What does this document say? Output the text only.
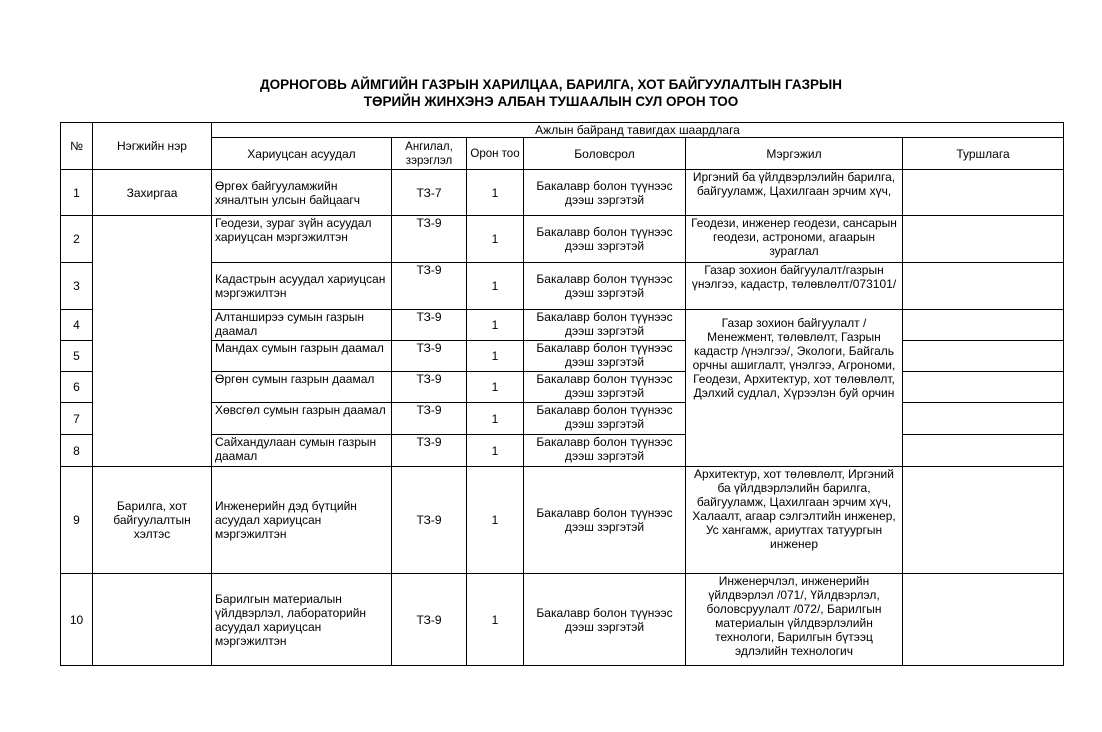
ДОРНОГОВЬ АЙМГИЙН ГАЗРЫН ХАРИЛЦАА, БАРИЛГА, ХОТ БАЙГУУЛАЛТЫН ГАЗРЫН
ТӨРИЙН ЖИНХЭНЭ АЛБАН ТУШААЛЫН СУЛ ОРОН ТОО
№	Нэгжийн нэр	Ажлын байранд тавигдах шаардлага					
		Хариуцсан асуудал	Ангилал, зэрэглэл	Орон тоо	Боловсрол	Мэргэжил	Туршлага
1	Захиргаа	Өргөх байгууламжийн хяналтын улсын байцаагч	ТЗ-7	1	Бакалавр болон түүнээс дээш зэргэтэй	Иргэний ба үйлдвэрлэлийн барилга, байгууламж, Цахилгаан эрчим хүч,	
2		Геодези, зураг зүйн асуудал хариуцсан мэргэжилтэн	ТЗ-9	1	Бакалавр болон түүнээс дээш зэргэтэй	Геодези, инженер геодези, сансарын геодези, астрономи, агаарын зураглал	
3		Кадастрын асуудал хариуцсан мэргэжилтэн	ТЗ-9	1	Бакалавр болон түүнээс дээш зэргэтэй	Газар зохион байгуулалт/газрын үнэлгээ, кадастр, төлөвлөлт/073101/	
4		Алтанширээ сумын газрын даамал	ТЗ-9	1	Бакалавр болон түүнээс дээш зэргэтэй	Газар зохион байгуулалт /Менежмент, төлөвлөлт, Газрын кадастр /үнэлгээ/, Экологи, Байгаль орчны ашиглалт, үнэлгээ, Агрономи, Геодези, Архитектур, хот төлөвлөлт, Дэлхий судлал, Хүрээлэн буй орчин	
5		Мандах сумын газрын даамал	ТЗ-9	1	Бакалавр болон түүнээс дээш зэргэтэй		
6		Өргөн сумын газрын даамал	ТЗ-9	1	Бакалавр болон түүнээс дээш зэргэтэй		
7		Хөвсгөл сумын газрын даамал	ТЗ-9	1	Бакалавр болон түүнээс дээш зэргэтэй		
8		Сайхандулаан сумын газрын даамал	ТЗ-9	1	Бакалавр болон түүнээс дээш зэргэтэй		
9	Барилга, хот байгуулалтын хэлтэс	Инженерийн дэд бүтцийн асуудал хариуцсан мэргэжилтэн	ТЗ-9	1	Бакалавр болон түүнээс дээш зэргэтэй	Архитектур, хот төлөвлөлт, Иргэний ба үйлдвэрлэлийн барилга, байгууламж, Цахилгаан эрчим хүч, Халаалт, агаар сэлгэлтийн инженер, Ус хангамж, ариутгах татуургын инженер	
10		Барилгын материалын үйлдвэрлэл, лабораторийн асуудал хариуцсан мэргэжилтэн	ТЗ-9	1	Бакалавр болон түүнээс дээш зэргэтэй	Инженерчлэл, инженерийн үйлдвэрлэл /071/, Үйлдвэрлэл, боловсруулалт /072/, Барилгын материалын үйлдвэрлэлийн технологи, Барилгын бүтээц эдлэлийн технологич	
